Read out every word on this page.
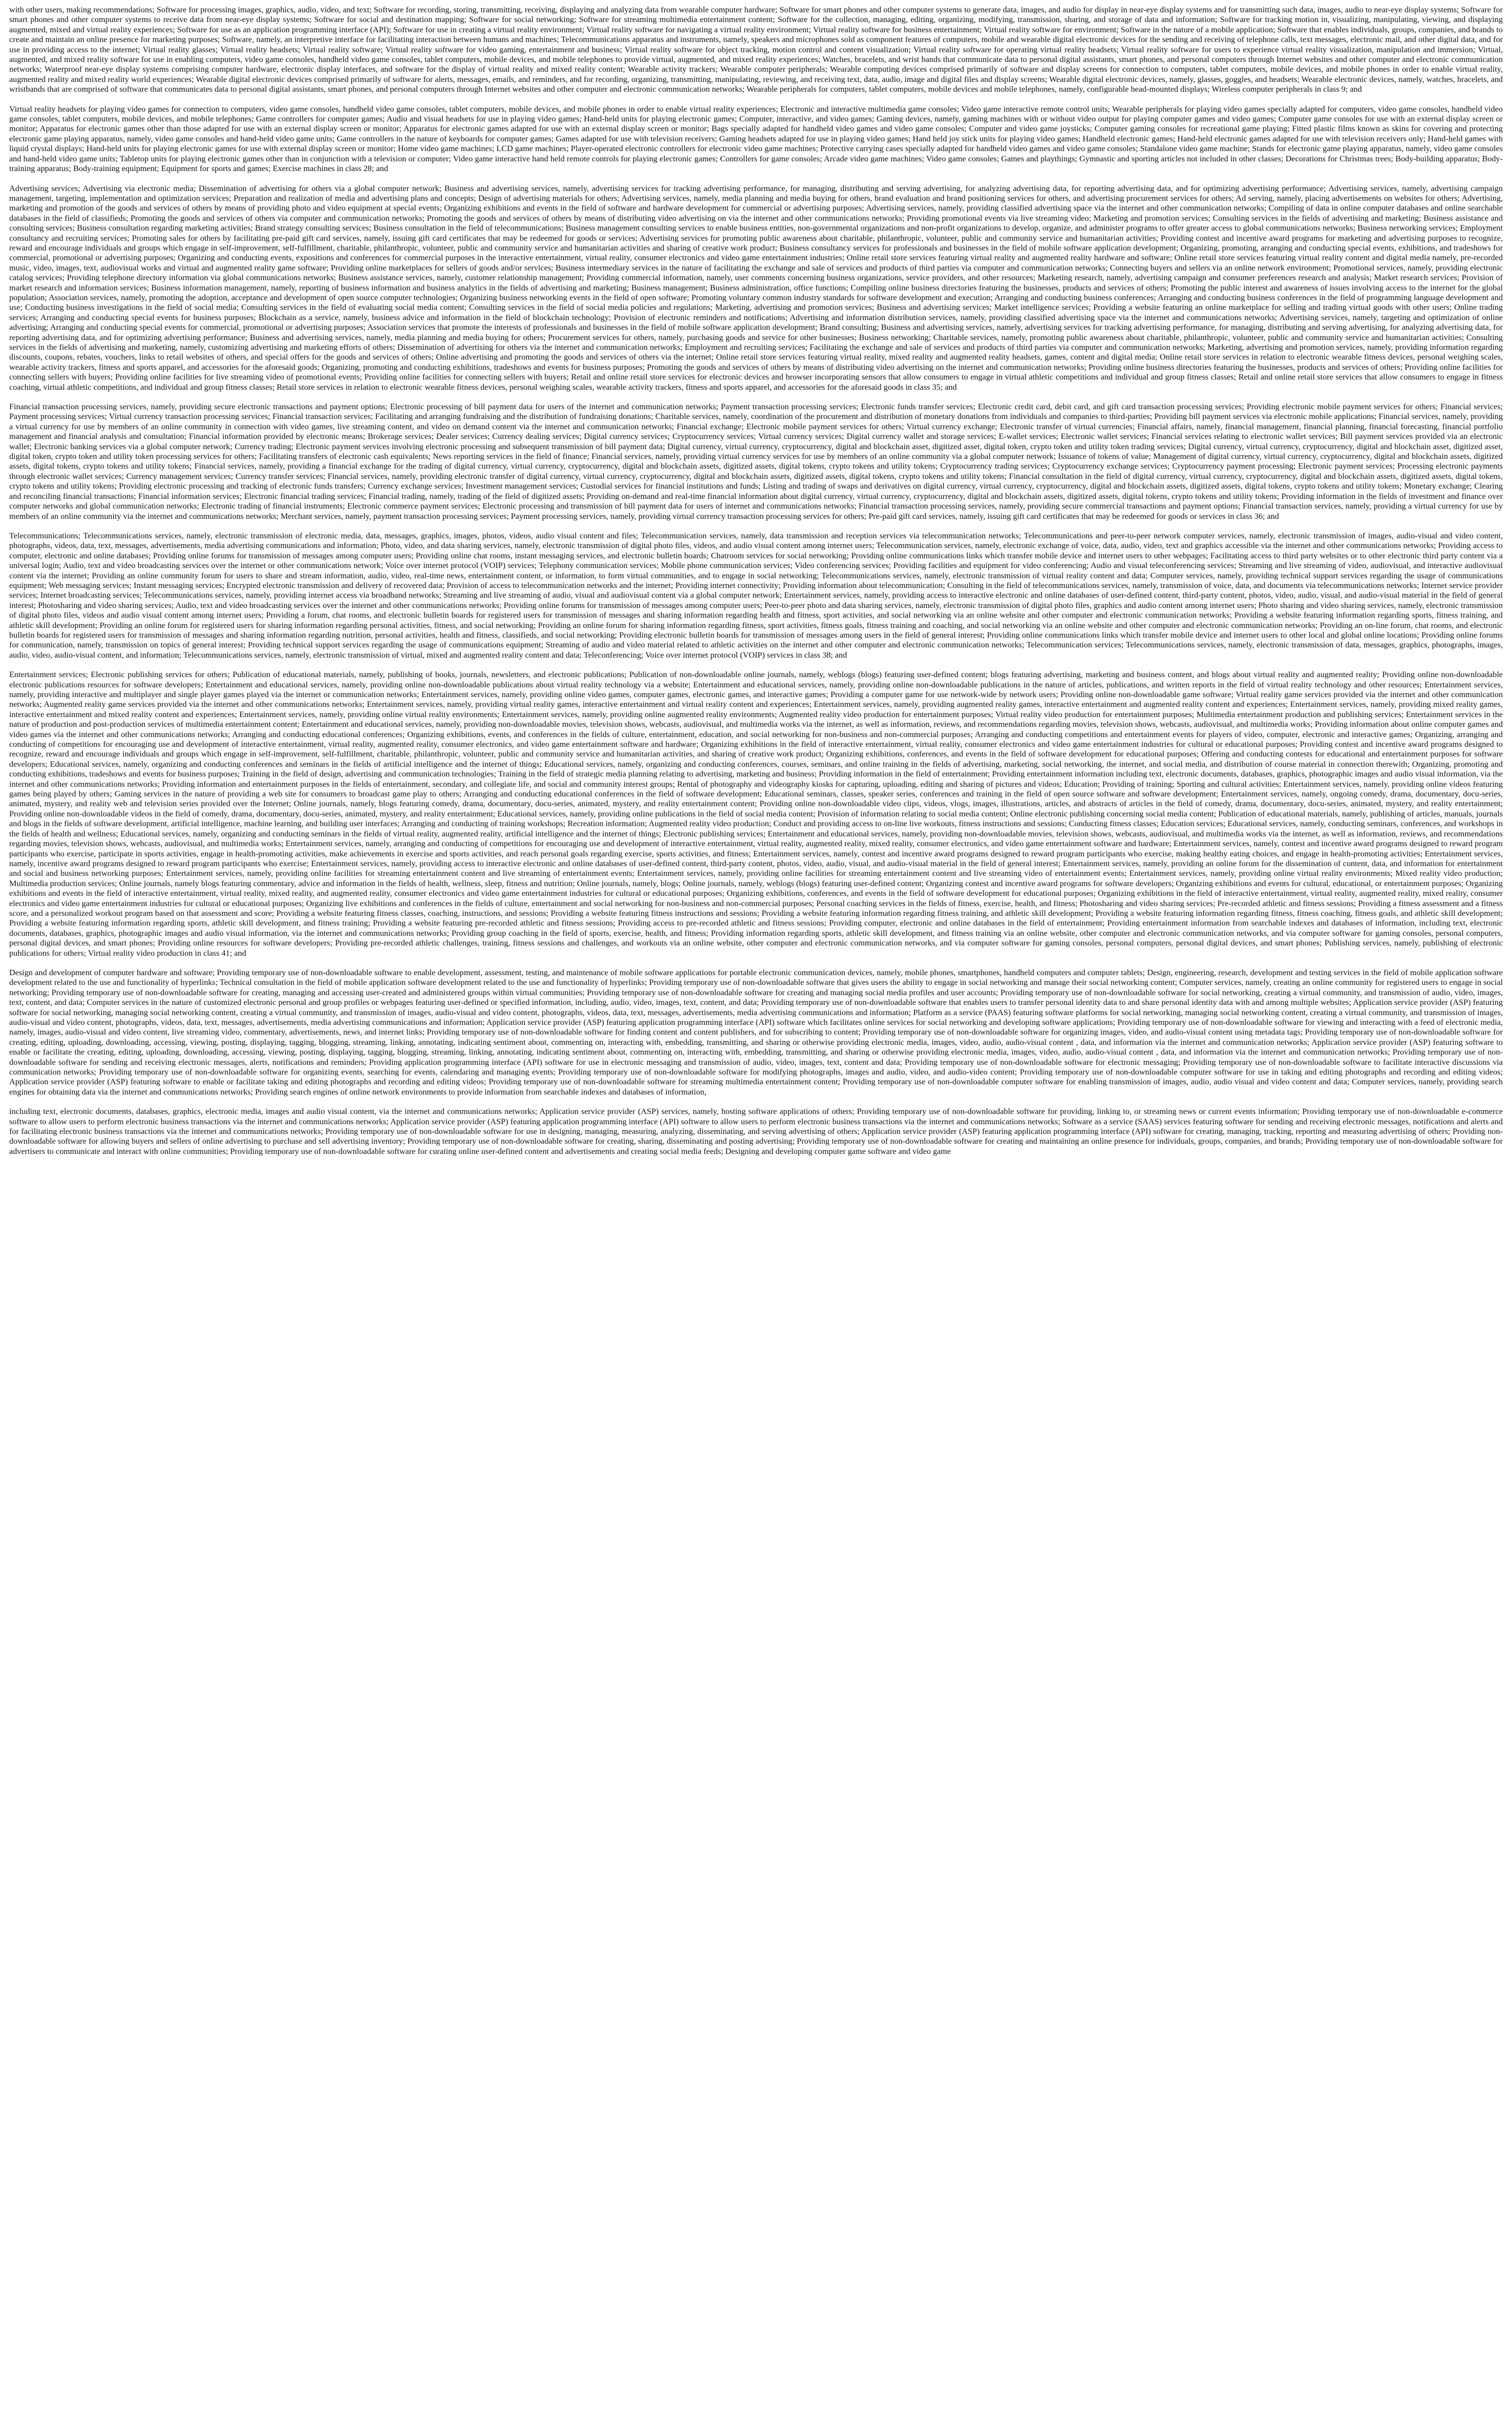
with other users, making recommendations; Software for processing images, graphics, audio, video, and text; Software for recording, storing, transmitting, receiving, displaying and analyzing data from wearable computer hardware; Software for smart phones and other computer systems to generate data, images, and audio for display in near-eye display systems and for transmitting such data, images, audio to near-eye display systems; Software for smart phones and other computer systems to receive data from near-eye display systems; Software for social and destination mapping; Software for social networking; Software for streaming multimedia entertainment content; Software for the collection, managing, editing, organizing, modifying, transmission, sharing, and storage of data and information; Software for tracking motion in, visualizing, manipulating, viewing, and displaying augmented, mixed and virtual reality experiences; Software for use as an application programming interface (API); Software for use in creating a virtual reality environment; Virtual reality software for navigating a virtual reality environment; Virtual reality software for business entertainment; Virtual reality software for environment; Software in the nature of a mobile application; Software that enables individuals, groups, companies, and brands to create and maintain an online presence for marketing purposes; Software, namely, an interpretive interface for facilitating interaction between humans and machines; Telecommunications apparatus and instruments, namely, speakers and microphones sold as component features of computers, mobile and wearable digital electronic devices for the sending and receiving of telephone calls, text messages, electronic mail, and other digital data, and for use in providing access to the internet; Virtual reality glasses; Virtual reality headsets; Virtual reality software; Virtual reality software for video gaming, entertainment and business; Virtual reality software for object tracking, motion control and content visualization; Virtual reality software for operating virtual reality headsets; Virtual reality software for users to experience virtual reality visualization, manipulation and immersion; Virtual, augmented, and mixed reality software for use in enabling computers, video game consoles, handheld video game consoles, tablet computers, mobile devices, and mobile telephones to provide virtual, augmented, and mixed reality experiences; Watches, bracelets, and wrist bands that communicate data to personal digital assistants, smart phones, and personal computers through Internet websites and other computer and electronic communication networks; Waterproof near-eye display systems comprising computer hardware, electronic display interfaces, and software for the display of virtual reality and mixed reality content; Wearable activity trackers; Wearable computer peripherals; Wearable computing devices comprised primarily of software and display screens for connection to computers, tablet computers, mobile devices, and mobile phones in order to enable virtual reality, augmented reality and mixed reality world experiences; Wearable digital electronic devices comprised primarily of software for alerts, messages, emails, and reminders, and for recording, organizing, transmitting, manipulating, reviewing, and receiving text, data, audio, image and digital files and display screens; Wearable digital electronic devices, namely, glasses, goggles, and headsets; Wearable electronic devices, namely, watches, bracelets, and wristbands that are comprised of software that communicates data to personal digital assistants, smart phones, and personal computers through Internet websites and other computer and electronic communication networks; Wearable peripherals for computers, tablet computers, mobile devices and mobile telephones, namely, configurable head-mounted displays; Wireless computer peripherals in class 9; and

Virtual reality headsets for playing video games for connection to computers, video game consoles, handheld video game consoles, tablet computers, mobile devices, and mobile phones in order to enable virtual reality experiences; Electronic and interactive multimedia game consoles; Video game interactive remote control units; Wearable peripherals for playing video games specially adapted for computers, video game consoles, handheld video game consoles, tablet computers, mobile devices, and mobile telephones; Game controllers for computer games; Audio and visual headsets for use in playing video games; Hand-held units for playing electronic games; Computer, interactive, and video games; Gaming devices, namely, gaming machines with or without video output for playing computer games and video games; Computer game consoles for use with an external display screen or monitor; Apparatus for electronic games other than those adapted for use with an external display screen or monitor; Apparatus for electronic games adapted for use with an external display screen or monitor; Bags specially adapted for handheld video games and video game consoles; Computer and video game joysticks; Computer gaming consoles for recreational game playing; Fitted plastic films known as skins for covering and protecting electronic game playing apparatus, namely, video game consoles and hand-held video game units; Game controllers in the nature of keyboards for computer games; Games adapted for use with television receivers; Gaming headsets adapted for use in playing video games; Hand held joy stick units for playing video games; Handheld electronic games; Hand-held electronic games adapted for use with television receivers only; Hand-held games with liquid crystal displays; Hand-held units for playing electronic games for use with external display screen or monitor; Home video game machines; LCD game machines; Player-operated electronic controllers for electronic video game machines; Protective carrying cases specially adapted for handheld video games and video game consoles; Standalone video game machine; Stands for electronic game playing apparatus, namely, video game consoles and hand-held video game units; Tabletop units for playing electronic games other than in conjunction with a television or computer; Video game interactive hand held remote controls for playing electronic games; Controllers for game consoles; Arcade video game machines; Video game consoles; Games and playthings; Gymnastic and sporting articles not included in other classes; Decorations for Christmas trees; Body-building apparatus; Body-training apparatus; Body-training equipment; Equipment for sports and games; Exercise machines in class 28; and

Advertising services; Advertising via electronic media; Dissemination of advertising for others via a global computer network; Business and advertising services, namely, advertising services for tracking advertising performance, for managing, distributing and serving advertising, for analyzing advertising data, for reporting advertising data, and for optimizing advertising performance; Advertising services, namely, advertising campaign management, targeting, implementation and optimization services; Preparation and realization of media and advertising plans and concepts; Design of advertising materials for others; Advertising services, namely, media planning and media buying for others, brand evaluation and brand positioning services for others, and advertising procurement services for others; Ad serving, namely, placing advertisements on websites for others; Advertising, marketing and promotion of the goods and services of others by means of providing photo and video equipment at special events; Organizing exhibitions and events in the field of software and hardware development for commercial or advertising purposes; Advertising services, namely, providing classified advertising space via the internet and other communication networks; Compiling of data in online computer databases and online searchable databases in the field of classifieds; Promoting the goods and services of others via computer and communication networks; Promoting the goods and services of others by means of distributing video advertising on via the internet and other communications networks; Providing promotional events via live streaming video; Marketing and promotion services; Consulting services in the fields of advertising and marketing; Business assistance and consulting services; Business consultation regarding marketing activities; Brand strategy consulting services; Business consultation in the field of telecommunications; Business management consulting services to enable business entities, non-governmental organizations and non-profit organizations to develop, organize, and administer programs to offer greater access to global communications networks; Business networking services; Employment consultancy and recruiting services; Promoting sales for others by facilitating pre-paid gift card services, namely, issuing gift card certificates that may be redeemed for goods or services; Advertising services for promoting public awareness about charitable, philanthropic, volunteer, public and community service and humanitarian activities; Providing contest and incentive award programs for marketing and advertising purposes to recognize, reward and encourage individuals and groups which engage in self-improvement, self-fulfillment, charitable, philanthropic, volunteer, public and community service and humanitarian activities and sharing of creative work product; Business consultancy services for professionals and businesses in the field of mobile software application development; Organizing, promoting, arranging and conducting special events, exhibitions, and tradeshows for commercial, promotional or advertising purposes; Organizing and conducting events, expositions and conferences for commercial purposes in the interactive entertainment, virtual reality, consumer electronics and video game entertainment industries; Online retail store services featuring virtual reality and augmented reality hardware and software; Online retail store services featuring virtual reality content and digital media namely, pre-recorded music, video, images, text, audiovisual works and virtual and augmented reality game software; Providing online marketplaces for sellers of goods and/or services; Business intermediary services in the nature of facilitating the exchange and sale of services and products of third parties via computer and communication networks; Connecting buyers and sellers via an online network environment; Promotional services, namely, providing electronic catalog services; Providing telephone directory information via global communications networks; Business assistance services, namely, customer relationship management; Providing commercial information, namely, user comments concerning business organizations, service providers, and other resources; Marketing research, namely, advertising campaign and consumer preferences research and analysis; Market research services; Provision of market research and information services; Business information management, namely, reporting of business information and business analytics in the fields of advertising and marketing; Business management; Business administration, office functions; Compiling online business directories featuring the businesses, products and services of others; Promoting the public interest and awareness of issues involving access to the internet for the global population; Association services, namely, promoting the adoption, acceptance and development of open source computer technologies; Organizing business networking events in the field of open software; Promoting voluntary common industry standards for software development and execution; Arranging and conducting business conferences; Arranging and conducting business conferences in the field of programming language development and use; Conducting business investigations in the field of social media; Consulting services in the field of evaluating social media content; Consulting services in the field of social media policies and regulations; Marketing, advertising and promotion services; Business and advertising services; Market intelligence services; Providing a website featuring an online marketplace for selling and trading virtual goods with other users; Online trading services; Arranging and conducting special events for business purposes; Blockchain as a service, namely, business advice and information in the field of blockchain technology; Provision of electronic reminders and notifications; Advertising and information distribution services, namely, providing classified advertising space via the internet and communications networks; Advertising services, namely, targeting and optimization of online advertising; Arranging and conducting special events for commercial, promotional or advertising purposes; Association services that promote the interests of professionals and businesses in the field of mobile software application development; Brand consulting; Business and advertising services, namely, advertising services for tracking advertising performance, for managing, distributing and serving advertising, for analyzing advertising data, for reporting advertising data, and for optimizing advertising performance; Business and advertising services, namely, media planning and media buying for others; Procurement services for others, namely, purchasing goods and service for other businesses; Business networking; Charitable services, namely, promoting public awareness about charitable, philanthropic, volunteer, public and community service and humanitarian activities; Consulting services in the fields of advertising and marketing, namely, customizing advertising and marketing efforts of others; Dissemination of advertising for others via the internet and communication networks; Employment and recruiting services; Facilitating the exchange and sale of services and products of third parties via computer and communication networks; Marketing, advertising and promotion services, namely, providing information regarding discounts, coupons, rebates, vouchers, links to retail websites of others, and special offers for the goods and services of others; Online advertising and promoting the goods and services of others via the internet; Online retail store services featuring virtual reality, mixed reality and augmented reality headsets, games, content and digital media; Online retail store services in relation to electronic wearable fitness devices, personal weighing scales, wearable activity trackers, fitness and sports apparel, and accessories for the aforesaid goods; Organizing, promoting and conducting exhibitions, tradeshows and events for business purposes; Promoting the goods and services of others by means of distributing video advertising on the internet and communication networks; Providing online business directories featuring the businesses, products and services of others; Providing online facilities for connecting sellers with buyers; Providing online facilities for live streaming video of promotional events; Providing online facilities for connecting sellers with buyers; Retail and online retail store services for electronic devices and browser incorporating sensors that allow consumers to engage in virtual athletic competitions and individual and group fitness classes; Retail and online retail store services that allow consumers to engage in fitness coaching, virtual athletic competitions, and individual and group fitness classes; Retail store services in relation to electronic wearable fitness devices, personal weighing scales, wearable activity trackers, fitness and sports apparel, and accessories for the aforesaid goods in class 35; and

Financial transaction processing services, namely, providing secure electronic transactions and payment options; Electronic processing of bill payment data for users of the internet and communication networks; Payment transaction processing services; Electronic funds transfer services; Electronic credit card, debit card, and gift card transaction processing services; Providing electronic mobile payment services for others; Financial services; Payment processing services; Virtual currency transaction processing services; Financial transaction services; Facilitating and arranging fundraising and the distribution of fundraising donations; Charitable services, namely, coordination of the procurement and distribution of monetary donations from individuals and companies to third-parties; Providing bill payment services via electronic mobile applications; Financial services, namely, providing a virtual currency for use by members of an online community in connection with video games, live streaming content, and video on demand content via the internet and communication networks; Financial exchange; Electronic mobile payment services for others; Virtual currency exchange; Electronic transfer of virtual currencies; Financial affairs, namely, financial management, financial planning, financial forecasting, financial portfolio management and financial analysis and consultation; Financial information provided by electronic means; Brokerage services; Dealer services; Currency dealing services; Digital currency services; Cryptocurrency services; Virtual currency services; Digital currency wallet and storage services; E-wallet services; Electronic wallet services; Financial services relating to electronic wallet services; Bill payment services provided via an electronic wallet; Electronic banking services via a global computer network; Currency trading; Electronic payment services involving electronic processing and subsequent transmission of bill payment data; Digital currency, virtual currency, cryptocurrency, digital and blockchain asset, digitized asset, digital token, crypto token and utility token trading services; Digital currency, virtual currency, cryptocurrency, digital and blockchain asset, digitized asset, digital token, crypto token and utility token processing services for others; Facilitating transfers of electronic cash equivalents; News reporting services in the field of finance; Financial services, namely, providing virtual currency services for use by members of an online community via a global computer network; Issuance of tokens of value; Management of digital currency, virtual currency, cryptocurrency, digital and blockchain assets, digitized assets, digital tokens, crypto tokens and utility tokens; Financial services, namely, providing a financial exchange for the trading of digital currency, virtual currency, cryptocurrency, digital and blockchain assets, digitized assets, digital tokens, crypto tokens and utility tokens; Cryptocurrency trading services; Cryptocurrency exchange services; Cryptocurrency payment processing; Electronic payment services; Processing electronic payments through electronic wallet services; Currency management services; Currency transfer services; Financial services, namely, providing electronic transfer of digital currency, virtual currency, cryptocurrency, digital and blockchain assets, digitized assets, digital tokens, crypto tokens and utility tokens; Financial consultation in the field of digital currency, virtual currency, cryptocurrency, digital and blockchain assets, digitized assets, digital tokens, crypto tokens and utility tokens; Providing electronic processing and tracking of electronic funds transfers; Currency exchange services; Investment management services; Custodial services for financial institutions and funds; Listing and trading of swaps and derivatives on digital currency, virtual currency, cryptocurrency, digital and blockchain assets, digitized assets, digital tokens, crypto tokens and utility tokens; Monetary exchange; Clearing and reconciling financial transactions; Financial information services; Electronic financial trading services; Financial trading, namely, trading of the field of digitized assets; Providing on-demand and real-time financial information about digital currency, virtual currency, cryptocurrency, digital and blockchain assets, digitized assets, digital tokens, crypto tokens and utility tokens; Providing information in the fields of investment and finance over computer networks and global communication networks; Electronic trading of financial instruments; Electronic commerce payment services; Electronic processing and transmission of bill payment data for users of internet and communications networks; Financial transaction processing services, namely, providing secure commercial transactions and payment options; Financial transaction services, namely, providing a virtual currency for use by members of an online community via the internet and communications networks; Merchant services, namely, payment transaction processing services; Payment processing services, namely, providing virtual currency transaction processing services for others; Pre-paid gift card services, namely, issuing gift card certificates that may be redeemed for goods or services in class 36; and

Telecommunications; Telecommunications services, namely, electronic transmission of electronic media, data, messages, graphics, images, photos, videos, audio visual content and files; Telecommunication services, namely, data transmission and reception services via telecommunication networks; Telecommunications and peer-to-peer network computer services, namely, electronic transmission of images, audio-visual and video content, photographs, videos, data, text, messages, advertisements, media advertising communications and information; Photo, video, and data sharing services, namely, electronic transmission of digital photo files, videos, and audio visual content among internet users; Telecommunication services, namely, electronic exchange of voice, data, audio, video, text and graphics accessible via the internet and other communications networks; Providing access to computer, electronic and online databases; Providing online forums for transmission of messages among computer users; Providing online chat rooms, instant messaging services, and electronic bulletin boards; Chatroom services for social networking; Providing online communications links which transfer mobile device and internet users to other webpages; Facilitating access to third party websites or to other electronic third party content via a universal login; Audio, text and video broadcasting services over the internet or other communications network; Voice over internet protocol (VOIP) services; Telephony communication services; Mobile phone communication services; Video conferencing services; Providing facilities and equipment for video conferencing; Audio and visual teleconferencing services; Streaming and live streaming of video, audiovisual, and interactive audiovisual content via the internet; Providing an online community forum for users to share and stream information, audio, video, real-time news, entertainment content, or information, to form virtual communities, and to engage in social networking; Telecommunications services, namely, electronic transmission of virtual reality content and data; Computer services, namely, providing technical support services regarding the usage of communications equipment; Web messaging services; Instant messaging services; Encrypted electronic transmission and delivery of recovered data; Provision of access to telecommunication networks and the internet; Providing internet connectivity; Providing information about telecommunication; Consulting in the field of telecommunications services, namely, transmission of voice, data, and documents via telecommunications networks; Internet service provider services; Internet broadcasting services; Telecommunications services, namely, providing internet access via broadband networks; Streaming and live streaming of audio, visual and audiovisual content via a global computer network; Entertainment services, namely, providing access to interactive electronic and online databases of user-defined content, third-party content, photos, video, audio, visual, and audio-visual material in the field of general interest; Photosharing and video sharing services; Audio, text and video broadcasting services over the internet and other communications networks; Providing online forums for transmission of messages among computer users; Peer-to-peer photo and data sharing services, namely, electronic transmission of digital photo files, graphics and audio content among internet users; Photo sharing and video sharing services, namely, electronic transmission of digital photo files, videos and audio visual content among internet users; Providing a forum, chat rooms, and electronic bulletin boards for registered users for transmission of messages and sharing information regarding health and fitness, sport activities, and social networking via an online website and other computer and electronic communication networks; Providing a website featuring information regarding sports, fitness training, and athletic skill development; Providing an online forum for registered users for sharing information regarding personal activities, fitness, and social networking; Providing an online forum for sharing information regarding fitness, sport activities, fitness goals, fitness training and coaching, and social networking via an online website and other computer and electronic communication networks; Providing an on-line forum, chat rooms, and electronic bulletin boards for registered users for transmission of messages and sharing information regarding nutrition, personal activities, health and fitness, classifieds, and social networking; Providing electronic bulletin boards for transmission of messages among users in the field of general interest; Providing online communications links which transfer mobile device and internet users to other local and global online locations; Providing online forums for communication, namely, transmission on topics of general interest; Providing technical support services regarding the usage of communications equipment; Streaming of audio and video material related to athletic activities on the internet and other computer and electronic communication networks; Telecommunication services; Telecommunications services, namely, electronic transmission of data, messages, graphics, photographs, images, audio, video, audio-visual content, and information; Telecommunications services, namely, electronic transmission of virtual, mixed and augmented reality content and data; Teleconferencing; Voice over internet protocol (VOIP) services in class 38; and

Entertainment services; Electronic publishing services for others; Publication of educational materials, namely, publishing of books, journals, newsletters, and electronic publications; Publication of non-downloadable online journals, namely, weblogs (blogs) featuring user-defined content; blogs featuring advertising, marketing and business content, and blogs about virtual reality and augmented reality; Providing online non-downloadable electronic publications resources for software developers; Entertainment and educational services, namely, providing online non-downloadable publications about virtual reality technology via a website; Entertainment and educational services, namely, providing online non-downloadable publications in the nature of articles, publications, and written reports in the field of virtual reality technology and other resources; Entertainment services, namely, providing interactive and multiplayer and single player games played via the internet or communication networks; Entertainment services, namely, providing online video games, computer games, electronic games, and interactive games; Providing a computer game for use network-wide by network users; Providing online non-downloadable game software; Virtual reality game services provided via the internet and other communication networks; Augmented reality game services provided via the internet and other communications networks; Entertainment services, namely, providing virtual reality games, interactive entertainment and virtual reality content and experiences; Entertainment services, namely, providing augmented reality games, interactive entertainment and augmented reality content and experiences; Entertainment services, namely, providing mixed reality games, interactive entertainment and mixed reality content and experiences; Entertainment services, namely, providing online virtual reality environments; Entertainment services, namely, providing online augmented reality environments; Augmented reality video production for entertainment purposes; Virtual reality video production for entertainment purposes; Multimedia entertainment production and publishing services; Entertainment services in the nature of production and post-production services of multimedia entertainment content; Entertainment and educational services, namely, providing non-downloadable movies, television shows, webcasts, audiovisual, and multimedia works via the internet, as well as information, reviews, and recommendations regarding movies, television shows, webcasts, audiovisual, and multimedia works; Providing information about online computer games and video games via the internet and other communications networks; Arranging and conducting educational conferences; Organizing exhibitions, events, and conferences in the fields of culture, entertainment, education, and social networking for non-business and non-commercial purposes; Arranging and conducting competitions and entertainment events for players of video, computer, electronic and interactive games; Organizing, arranging and conducting of competitions for encouraging use and development of interactive entertainment, virtual reality, augmented reality, consumer electronics, and video game entertainment software and hardware; Organizing exhibitions in the field of interactive entertainment, virtual reality, consumer electronics and video game entertainment industries for cultural or educational purposes; Providing contest and incentive award programs designed to recognize, reward and encourage individuals and groups which engage in self-improvement, self-fulfillment, charitable, philanthropic, volunteer, public and community service and humanitarian activities, and sharing of creative work product; Organizing exhibitions, conferences, and events in the field of software development for educational purposes; Offering and conducting contests for educational and entertainment purposes for software developers; Educational services, namely, organizing and conducting conferences and seminars in the fields of artificial intelligence and the internet of things; Educational services, namely, organizing and conducting conferences, courses, seminars, and online training in the fields of advertising, marketing, social networking, the internet, and social media, and distribution of course material in connection therewith; Organizing, promoting and conducting exhibitions, tradeshows and events for business purposes; Training in the field of design, advertising and communication technologies; Training in the field of strategic media planning relating to advertising, marketing and business; Providing information in the field of entertainment; Providing entertainment information including text, electronic documents, databases, graphics, photographic images and audio visual information, via the internet and other communications networks; Providing information and entertainment purposes in the fields of entertainment, secondary, and collegiate life, and social and community interest groups; Rental of photography and videography kiosks for capturing, uploading, editing and sharing of pictures and videos; Education; Providing of training; Sporting and cultural activities; Entertainment services, namely, providing online videos featuring games being played by others; Gaming services in the nature of providing a web site for consumers to broadcast game play to others; Arranging and conducting educational conferences in the field of software development; Educational seminars, classes, speaker series, conferences and training in the field of open source software and software development; Entertainment services, namely, ongoing comedy, drama, documentary, docu-series, animated, mystery, and reality web and television series provided over the Internet; Online journals, namely, blogs featuring comedy, drama, documentary, docu-series, animated, mystery, and reality entertainment content; Providing online non-downloadable video clips, videos, vlogs, images, illustrations, articles, and abstracts of articles in the field of comedy, drama, documentary, docu-series, animated, mystery, and reality entertainment; Providing online non-downloadable videos in the field of comedy, drama, documentary, docu-series, animated, mystery, and reality entertainment; Educational services, namely, providing online publications in the field of social media content; Provision of information relating to social media content; Online electronic publishing concerning social media content; Publication of educational materials, namely, publishing of articles, manuals, journals and blogs in the fields of software development, artificial intelligence, machine learning, and building user interfaces; Arranging and conducting of training workshops; Recreation information; Augmented reality video production; Conduct and providing access to on-line live workouts, fitness instructions and sessions; Conducting fitness classes; Education services; Educational services, namely, conducting seminars, conferences, and workshops in the fields of health and wellness; Educational services, namely, organizing and conducting seminars in the fields of virtual reality, augmented reality, artificial intelligence and the internet of things; Electronic publishing services; Entertainment and educational services, namely, providing non-downloadable movies, television shows, webcasts, audiovisual, and multimedia works via the internet, as well as information, reviews, and recommendations regarding movies, television shows, webcasts, audiovisual, and multimedia works; Entertainment services, namely, arranging and conducting of competitions for encouraging use and development of interactive entertainment, virtual reality, augmented reality, mixed reality, consumer electronics, and video game entertainment software and hardware; Entertainment services, namely, contest and incentive award programs designed to reward program participants who exercise, participate in sports activities, engage in health-promoting activities, make achievements in exercise and sports activities, and reach personal goals regarding exercise, sports activities, and fitness; Entertainment services, namely, contest and incentive award programs designed to reward program participants who exercise, making healthy eating choices, and engage in health-promoting activities; Entertainment services, namely, incentive award programs designed to reward program participants who exercise; Entertainment services, namely, providing access to interactive electronic and online databases of user-defined content, third-party content, photos, video, audio, visual, and audio-visual material in the field of general interest; Entertainment services, namely, providing an online forum for the dissemination of content, data, and information for entertainment and social and business networking purposes; Entertainment services, namely, providing online facilities for streaming entertainment content and live streaming of entertainment events; Entertainment services, namely, providing online facilities for streaming entertainment content and live streaming video of entertainment events; Entertainment services, namely, providing online virtual reality environments; Mixed reality video production; Multimedia production services; Online journals, namely blogs featuring commentary, advice and information in the fields of health, wellness, sleep, fitness and nutrition; Online journals, namely, blogs; Online journals, namely, weblogs (blogs) featuring user-defined content; Organizing contest and incentive award programs for software developers; Organizing exhibitions and events for cultural, educational, or entertainment purposes; Organizing exhibitions and events in the field of interactive entertainment, virtual reality, mixed reality, and augmented reality, consumer electronics and video game entertainment industries for cultural or educational purposes; Organizing exhibitions, conferences, and events in the field of software development for educational purposes; Organizing exhibitions in the field of interactive entertainment, virtual reality, augmented reality, mixed reality, consumer electronics and video game entertainment industries for cultural or educational purposes; Organizing live exhibitions and conferences in the fields of culture, entertainment and social networking for non-business and non-commercial purposes; Personal coaching services in the fields of fitness, exercise, health, and fitness; Photosharing and video sharing services; Pre-recorded athletic and fitness sessions; Providing a fitness assessment and a fitness score, and a personalized workout program based on that assessment and score; Providing a website featuring fitness classes, coaching, instructions, and sessions; Providing a website featuring fitness instructions and sessions; Providing a website featuring information regarding fitness training, and athletic skill development; Providing a website featuring information regarding fitness, fitness coaching, fitness goals, and athletic skill development; Providing a website featuring information regarding sports, athletic skill development, and fitness training; Providing a website featuring pre-recorded athletic and fitness sessions; Providing access to pre-recorded athletic and fitness sessions; Providing computer, electronic and online databases in the field of entertainment; Providing entertainment information from searchable indexes and databases of information, including text, electronic documents, databases, graphics, photographic images and audio visual information, via the internet and communications networks; Providing group coaching in the field of sports, exercise, health, and fitness; Providing information regarding sports, athletic skill development, and fitness training via an online website, other computer and electronic communication networks, and via computer software for gaming consoles, personal computers, personal digital devices, and smart phones; Providing online resources for software developers; Providing pre-recorded athletic challenges, training, fitness sessions and challenges, and workouts via an online website, other computer and electronic communication networks, and via computer software for gaming consoles, personal computers, personal digital devices, and smart phones; Publishing services, namely, publishing of electronic publications for others; Virtual reality video production in class 41; and

Design and development of computer hardware and software; Providing temporary use of non-downloadable software to enable development, assessment, testing, and maintenance of mobile software applications for portable electronic communication devices, namely, mobile phones, smartphones, handheld computers and computer tablets; Design, engineering, research, development and testing services in the field of mobile application software development related to the use and functionality of hyperlinks; Technical consultation in the field of mobile application software development related to the use and functionality of hyperlinks; Providing temporary use of non-downloadable software that gives users the ability to engage in social networking and manage their social networking content; Computer services, namely, creating an online community for registered users to engage in social networking; Providing temporary use of non-downloadable software for creating, managing and accessing user-created and administered groups within virtual communities; Providing temporary use of non-downloadable software for creating and managing social media profiles and user accounts; Providing temporary use of non-downloadable software for social networking, creating a virtual community, and transmission of audio, video, images, text, content, and data; Computer services in the nature of customized electronic personal and group profiles or webpages featuring user-defined or specified information, including, audio, video, images, text, content, and data; Providing temporary use of non-downloadable software that enables users to transfer personal identity data to and share personal identity data with and among multiple websites; Application service provider (ASP) featuring software for social networking, managing social networking content, creating a virtual community, and transmission of images, audio-visual and video content, photographs, videos, data, text, messages, advertisements, media advertising communications and information; Platform as a service (PAAS) featuring software platforms for social networking, managing social networking content, creating a virtual community, and transmission of images, audio-visual and video content, photographs, videos, data, text, messages, advertisements, media advertising communications and information; Application service provider (ASP) featuring application programming interface (API) software which facilitates online services for social networking and developing software applications; Providing temporary use of non-downloadable software for viewing and interacting with a feed of electronic media, namely, images, audio-visual and video content, live streaming video, commentary, advertisements, news, and internet links; Providing temporary use of non-downloadable software for finding content and content publishers, and for subscribing to content; Providing temporary use of non-downloadable software for organizing images, video, and audio-visual content using metadata tags; Providing temporary use of non-downloadable software for creating, editing, uploading, downloading, accessing, viewing, posting, displaying, tagging, blogging, streaming, linking, annotating, indicating sentiment about, commenting on, interacting with, embedding, transmitting, and sharing or otherwise providing electronic media, images, video, audio, audio-visual content , data, and information via the internet and communication networks; Application service provider (ASP) featuring software to enable or facilitate the creating, editing, uploading, downloading, accessing, viewing, posting, displaying, tagging, blogging, streaming, linking, annotating, indicating sentiment about, commenting on, interacting with, embedding, transmitting, and sharing or otherwise providing electronic media, images, video, audio, audio-visual content , data, and information via the internet and communication networks; Providing temporary use of non-downloadable software for sending and receiving electronic messages, alerts, notifications and reminders; Providing application programming interface (API) software for use in electronic messaging and transmission of audio, video, images, text, content and data; Providing temporary use of non-downloadable software for electronic messaging; Providing temporary use of non-downloadable software to facilitate interactive discussions via communication networks; Providing temporary use of non-downloadable software for organizing events, searching for events, calendaring and managing events; Providing temporary use of non-downloadable software for modifying photographs, images and audio, video, and audio-video content; Providing temporary use of non-downloadable computer software for use in taking and editing photographs and recording and editing videos; Application service provider (ASP) featuring software to enable or facilitate taking and editing photographs and recording and editing videos; Providing temporary use of non-downloadable software for streaming multimedia entertainment content; Providing temporary use of non-downloadable computer software for enabling transmission of images, audio, audio visual and video content and data; Computer services, namely, providing search engines for obtaining data via the internet and communications networks; Providing search engines of online network environments to provide information from searchable indexes and databases of information,

including text, electronic documents, databases, graphics, electronic media, images and audio visual content, via the internet and communications networks; Application service provider (ASP) services, namely, hosting software applications of others; Providing temporary use of non-downloadable software for providing, linking to, or streaming news or current events information; Providing temporary use of non-downloadable e-commerce software to allow users to perform electronic business transactions via the internet and communications networks; Application service provider (ASP) featuring application programming interface (API) software to allow users to perform electronic business transactions via the internet and communications networks; Software as a service (SAAS) services featuring software for sending and receiving electronic messages, notifications and alerts and for facilitating electronic business transactions via the internet and communications networks; Providing temporary use of non-downloadable software for use in designing, managing, measuring, analyzing, disseminating, and serving advertising of others; Application service provider (ASP) featuring application programming interface (API) software for creating, managing, tracking, reporting and measuring advertising of others; Providing non-downloadable software for allowing buyers and sellers of online advertising to purchase and sell advertising inventory; Providing temporary use of non-downloadable software for creating, sharing, disseminating and posting advertising; Providing temporary use of non-downloadable software for creating and maintaining an online presence for individuals, groups, companies, and brands; Providing temporary use of non-downloadable software for advertisers to communicate and interact with online communities; Providing temporary use of non-downloadable software for curating online user-defined content and advertisements and creating social media feeds; Designing and developing computer game software and video game
